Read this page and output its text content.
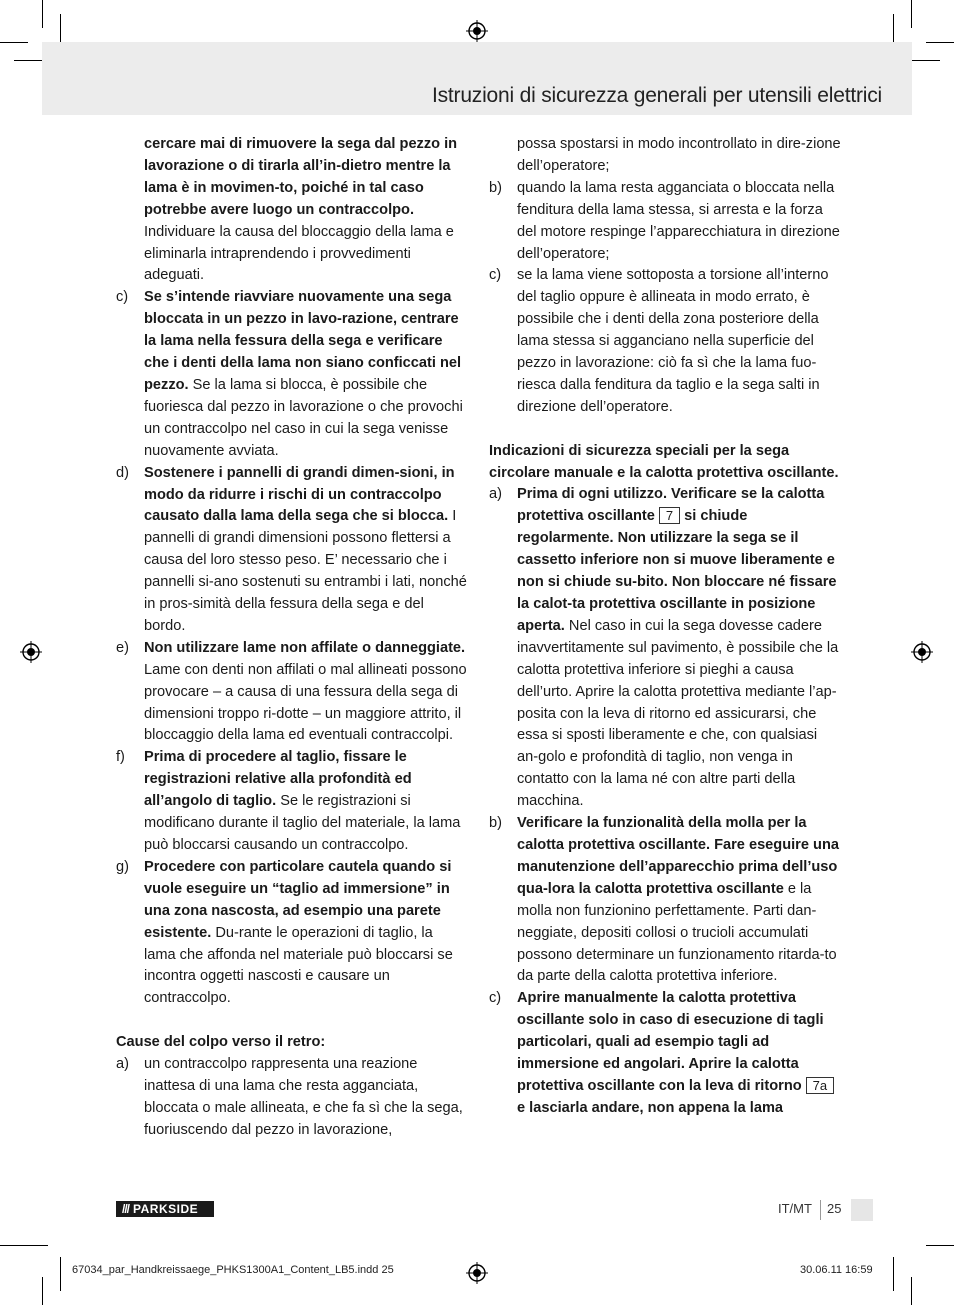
Istruzioni di sicurezza generali per utensili elettrici
cercare mai di rimuovere la sega dal pezzo in lavorazione o di tirarla all’in-dietro mentre la lama è in movimen-to, poiché in tal caso potrebbe avere luogo un contraccolpo. Individuare la causa del bloccaggio della lama e eliminarla intraprendendo i provvedimenti adeguati.
c) Se s’intende riavviare nuovamente una sega bloccata in un pezzo in lavo-razione, centrare la lama nella fessura della sega e verificare che i denti della lama non siano conficcati nel pezzo. Se la lama si blocca, è possibile che fuoriesca dal pezzo in lavorazione o che provochi un contraccolpo nel caso in cui la sega venisse nuovamente avviata.
d) Sostenere i pannelli di grandi dimen-sioni, in modo da ridurre i rischi di un contraccolpo causato dalla lama della sega che si blocca. I pannelli di grandi dimensioni possono flettersi a causa del loro stesso peso. E’ necessario che i pannelli si-ano sostenuti su entrambi i lati, nonché in pros-simità della fessura della sega e del bordo.
e) Non utilizzare lame non affilate o danneggiate. Lame con denti non affilati o mal allineati possono provocare – a causa di una fessura della sega di dimensioni troppo ri-dotte – un maggiore attrito, il bloccaggio della lama ed eventuali contraccolpi.
f) Prima di procedere al taglio, fissare le registrazioni relative alla profondità ed all’angolo di taglio. Se le registrazioni si modificano durante il taglio del materiale, la lama può bloccarsi causando un contraccolpo.
g) Procedere con particolare cautela quando si vuole eseguire un “taglio ad immersione” in una zona nascosta, ad esempio una parete esistente. Du-rante le operazioni di taglio, la lama che affonda nel materiale può bloccarsi se incontra oggetti nascosti e causare un contraccolpo.
Cause del colpo verso il retro:
a) un contraccolpo rappresenta una reazione inattesa di una lama che resta agganciata, bloccata o male allineata, e che fa sì che la sega, fuoriuscendo dal pezzo in lavorazione,
possa spostarsi in modo incontrollato in dire-zione dell’operatore;
b) quando la lama resta agganciata o bloccata nella fenditura della lama stessa, si arresta e la forza del motore respinge l’apparecchiatura in direzione dell’operatore;
c) se la lama viene sottoposta a torsione all’interno del taglio oppure è allineata in modo errato, è possibile che i denti della zona posteriore della lama stessa si agganciano nella superficie del pezzo in lavorazione: ciò fa sì che la lama fuo-riesca dalla fenditura da taglio e la sega salti in direzione dell’operatore.
Indicazioni di sicurezza speciali per la sega circolare manuale e la calotta protettiva oscillante.
a) Prima di ogni utilizzo. Verificare se la calotta protettiva oscillante 7 si chiude regolarmente. Non utilizzare la sega se il cassetto inferiore non si muove liberamente e non si chiude su-bito. Non bloccare né fissare la calot-ta protettiva oscillante in posizione aperta. Nel caso in cui la sega dovesse cadere inavvertitamente sul pavimento, è possibile che la calotta protettiva inferiore si pieghi a causa dell’urto. Aprire la calotta protettiva mediante l’ap-posita con la leva di ritorno ed assicurarsi, che essa si sposti liberamente e che, con qualsiasi an-golo e profondità di taglio, non venga in contatto con la lama né con altre parti della macchina.
b) Verificare la funzionalità della molla per la calotta protettiva oscillante. Fare eseguire una manutenzione dell’apparecchio prima dell’uso qua-lora la calotta protettiva oscillante e la molla non funzionino perfettamente. Parti dan-neggiate, depositi collosi o trucioli accumulati possono determinare un funzionamento ritarda-to da parte della calotta protettiva inferiore.
c) Aprire manualmente la calotta protettiva oscillante solo in caso di esecuzione di tagli particolari, quali ad esempio tagli ad immersione ed angolari. Aprire la calotta protettiva oscillante con la leva di ritorno 7ae lasciarla andare, non appena la lama
/// PARKSIDE	IT/MT 25
67034_par_Handkreissaege_PHKS1300A1_Content_LB5.indd 25	30.06.11 16:59
